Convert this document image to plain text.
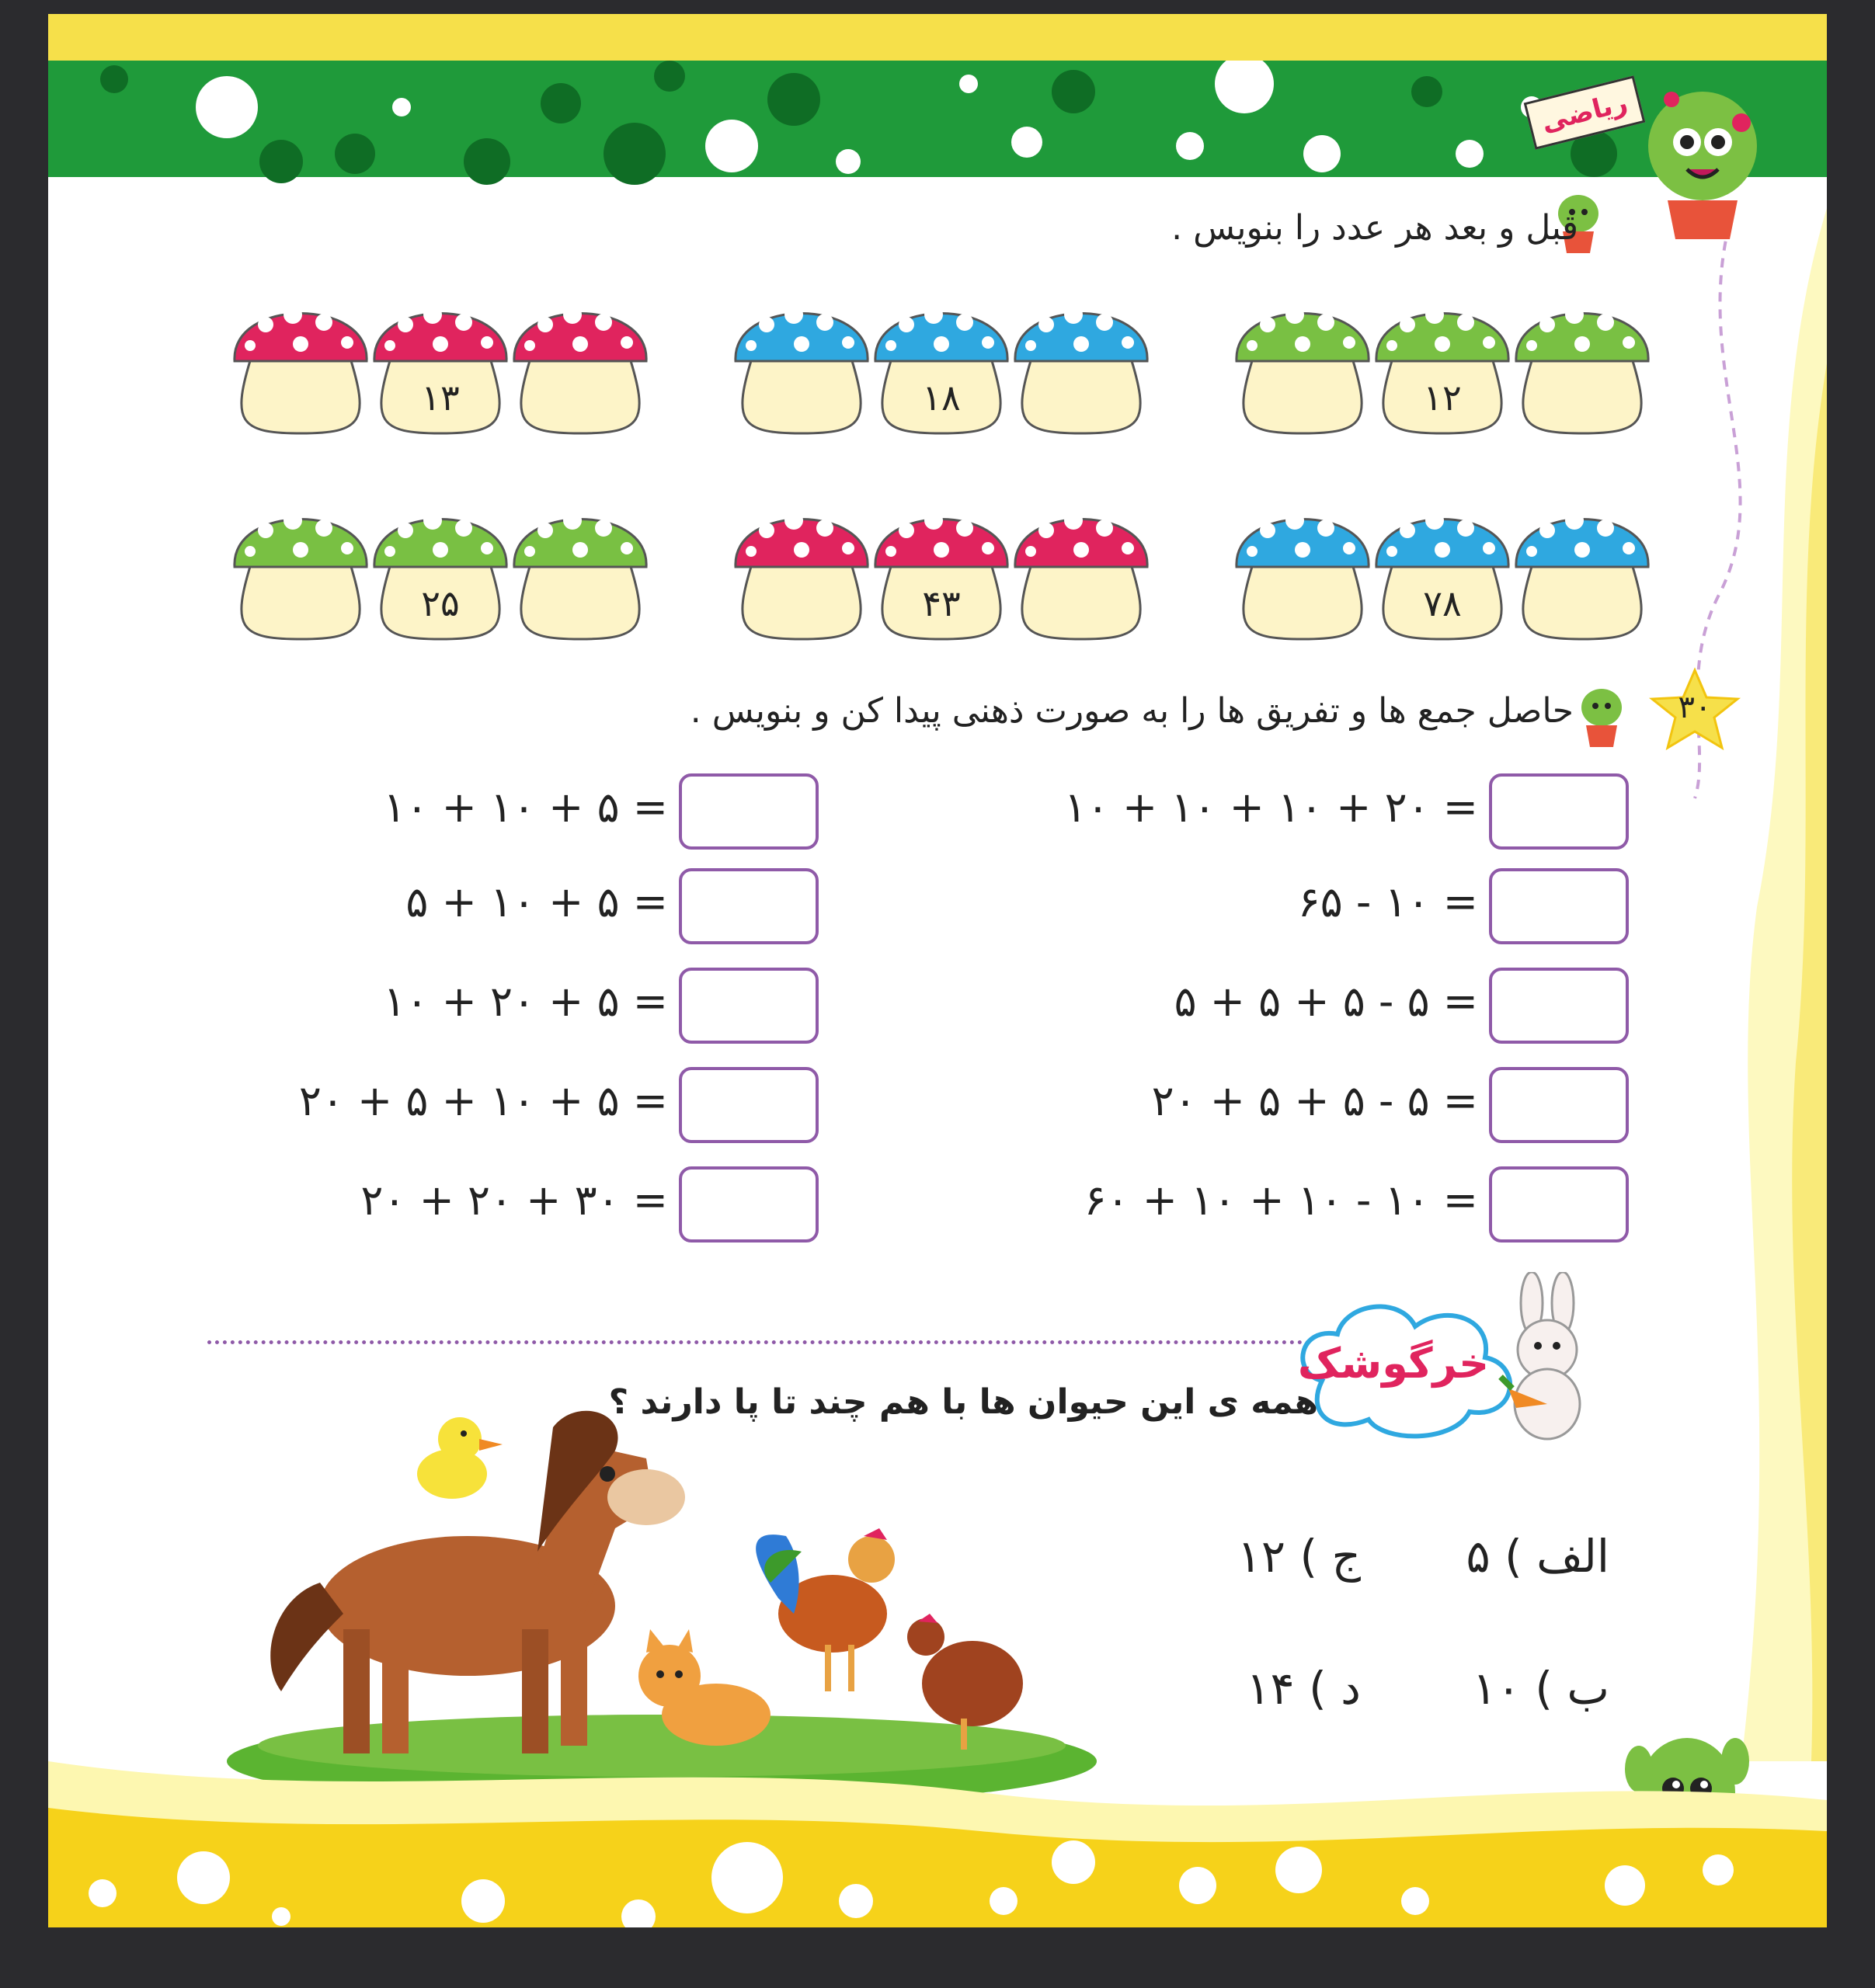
ریاضی
قبل و بعد هر عدد را بنویس .
۱۲
۱۸
۱۳
۷۸
۴۳
۲۵
۳۰
حاصل جمع ها و تفریق ها را به صورت ذهنی پیدا کن و بنویس .
خرگوشک
همه ی این حیوان ها با هم چند تا پا دارند ؟
الف ) ۵
ج ) ۱۲
ب ) ۱۰
د ) ۱۴
۱۰ + ۱۰ + ۱۰ + ۲۰ =
۶۵ - ۱۰ =
۵ + ۵ + ۵ - ۵ =
۲۰ + ۵ + ۵ - ۵ =
۶۰ + ۱۰ + ۱۰ - ۱۰ =
۱۰ + ۱۰ + ۵ =
۵ + ۱۰ + ۵ =
۱۰ + ۲۰ + ۵ =
۲۰ + ۵ + ۱۰ + ۵ =
۲۰ + ۲۰ + ۳۰ =
